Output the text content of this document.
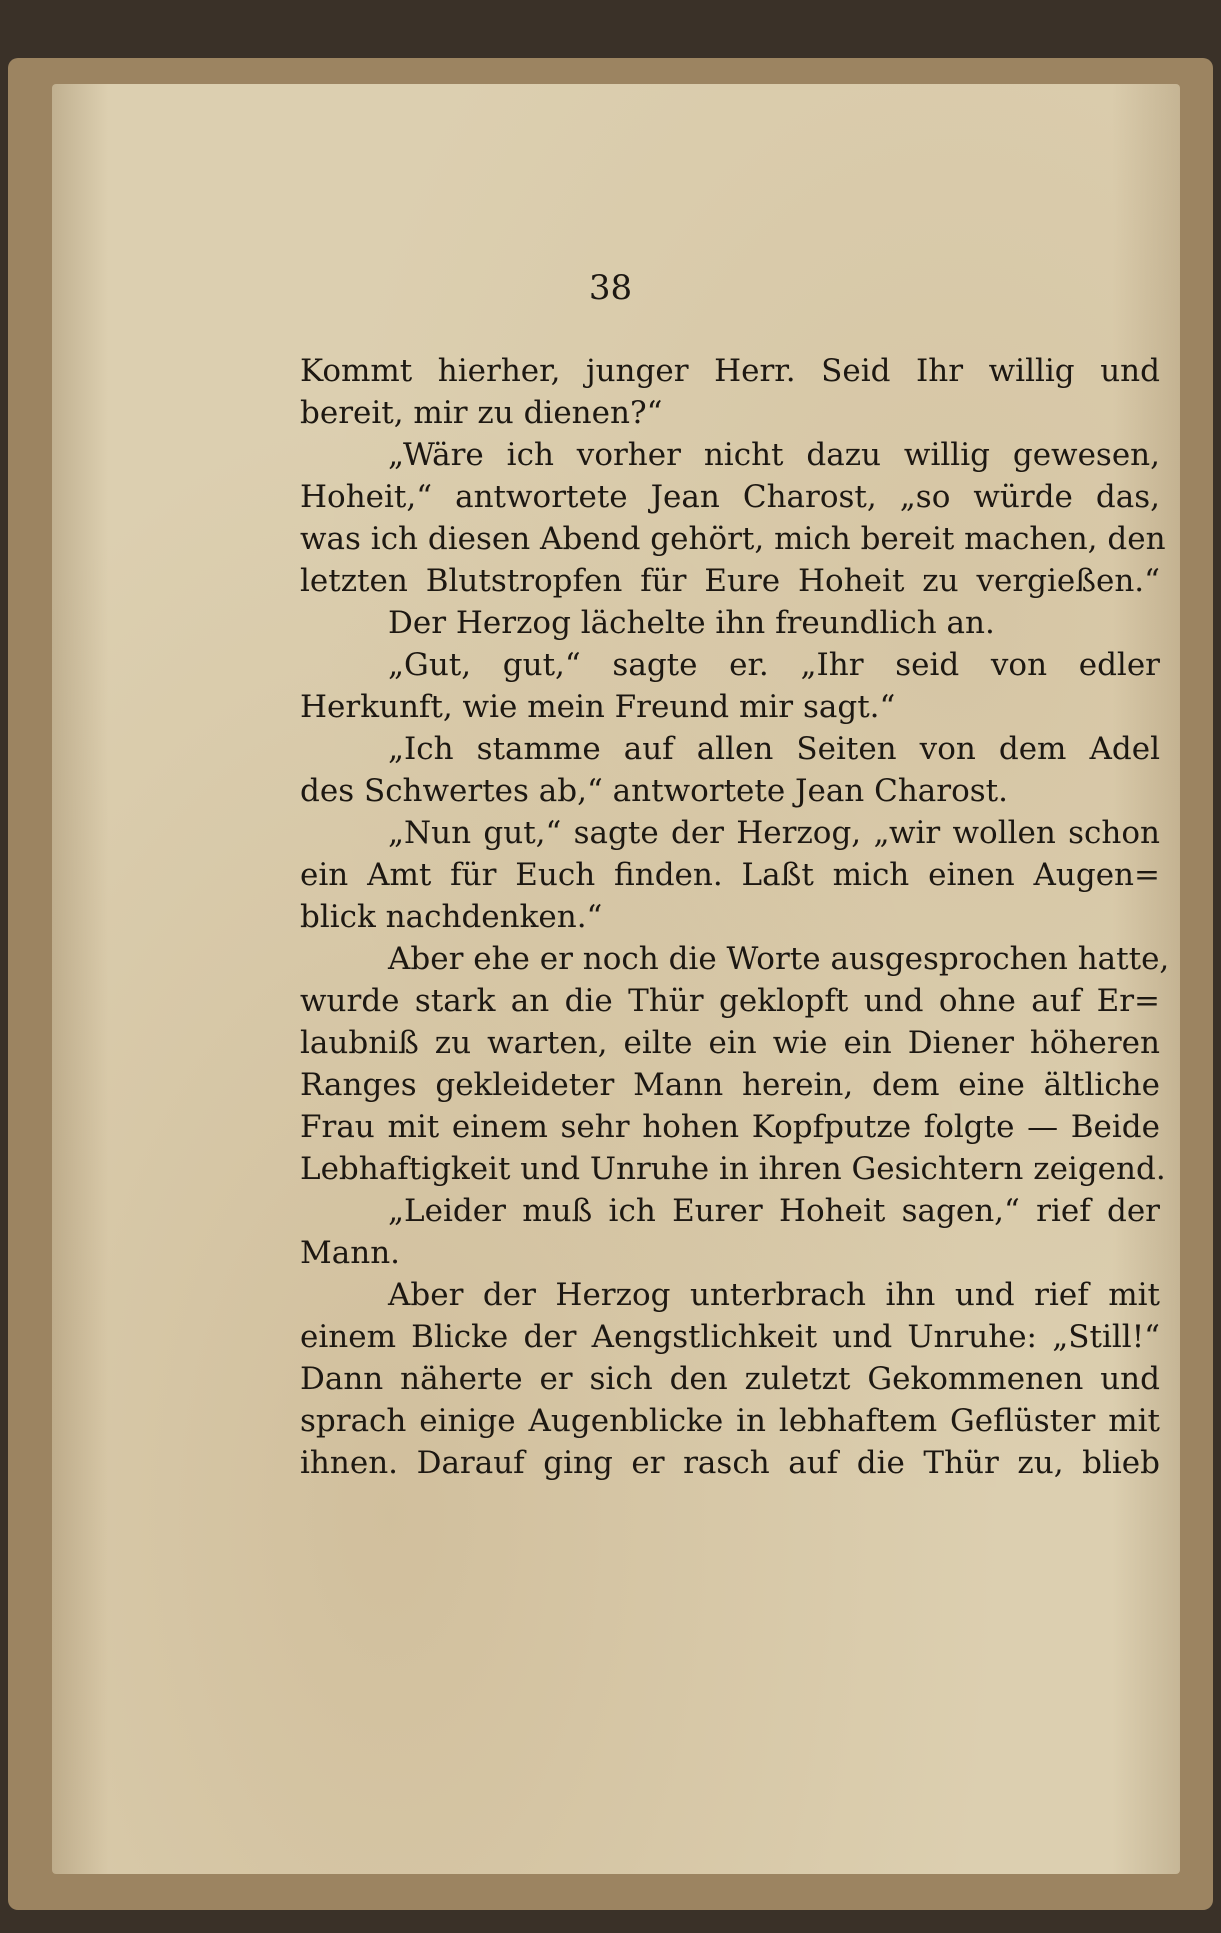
38
Kommt hierher, junger Herr. Seid Ihr willig und
bereit, mir zu dienen?“
„Wäre ich vorher nicht dazu willig gewesen,
Hoheit,“ antwortete Jean Charost, „so würde das,
was ich diesen Abend gehört, mich bereit machen, den
letzten Blutstropfen für Eure Hoheit zu vergießen.“
Der Herzog lächelte ihn freundlich an.
„Gut, gut,“ sagte er. „Ihr seid von edler
Herkunft, wie mein Freund mir sagt.“
„Ich stamme auf allen Seiten von dem Adel
des Schwertes ab,“ antwortete Jean Charost.
„Nun gut,“ sagte der Herzog, „wir wollen schon
ein Amt für Euch finden. Laßt mich einen Augen=
blick nachdenken.“
Aber ehe er noch die Worte ausgesprochen hatte,
wurde stark an die Thür geklopft und ohne auf Er=
laubniß zu warten, eilte ein wie ein Diener höheren
Ranges gekleideter Mann herein, dem eine ältliche
Frau mit einem sehr hohen Kopfputze folgte — Beide
Lebhaftigkeit und Unruhe in ihren Gesichtern zeigend.
„Leider muß ich Eurer Hoheit sagen,“ rief der
Mann.
Aber der Herzog unterbrach ihn und rief mit
einem Blicke der Aengstlichkeit und Unruhe: „Still!“
Dann näherte er sich den zuletzt Gekommenen und
sprach einige Augenblicke in lebhaftem Geflüster mit
ihnen. Darauf ging er rasch auf die Thür zu, blieb
